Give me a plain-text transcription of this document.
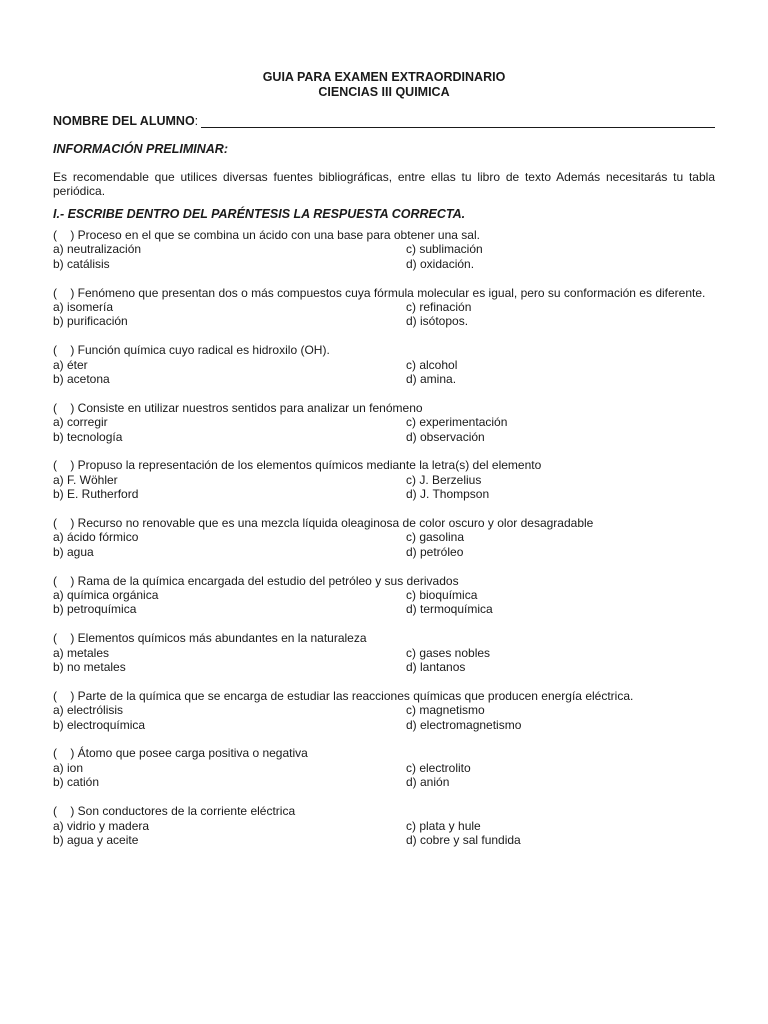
GUIA PARA EXAMEN EXTRAORDINARIO
CIENCIAS III QUIMICA
NOMBRE DEL ALUMNO :
INFORMACIÓN PRELIMINAR:
Es recomendable que utilices diversas fuentes bibliográficas, entre ellas tu libro de texto Además necesitarás tu tabla periódica.
I.- ESCRIBE DENTRO DEL PARÉNTESIS LA RESPUESTA CORRECTA.
(    ) Proceso en el que se combina un ácido con una base para obtener una sal.
a) neutralización	c) sublimación
b) catálisis	d) oxidación.
(    ) Fenómeno que presentan dos o más compuestos cuya fórmula molecular es igual, pero su conformación es diferente.
a) isomería	c) refinación
b) purificación	d) isótopos.
(    ) Función química cuyo radical es hidroxilo (OH).
a) éter	c) alcohol
b) acetona	d) amina.
(    ) Consiste en utilizar nuestros sentidos para analizar un fenómeno
a) corregir	c) experimentación
b) tecnología	d) observación
(    ) Propuso la representación de los elementos químicos mediante la letra(s) del elemento
a) F. Wöhler	c) J. Berzelius
b) E. Rutherford	d) J. Thompson
(    ) Recurso no renovable que es una mezcla líquida oleaginosa de color oscuro y olor desagradable
a) ácido fórmico	c) gasolina
b) agua	d) petróleo
(    ) Rama de la química encargada del estudio del petróleo y sus derivados
a) química orgánica	c) bioquímica
b) petroquímica	d) termoquímica
(    ) Elementos químicos más abundantes en la naturaleza
a) metales	c) gases nobles
b) no metales	d) lantanos
(    ) Parte de la química que se encarga de estudiar las reacciones químicas que producen energía eléctrica.
a) electrólisis	c) magnetismo
b) electroquímica	d) electromagnetismo
(    ) Átomo que posee carga positiva o negativa
a) ion	c) electrolito
b) catión	d) anión
(    ) Son conductores de la corriente eléctrica
a) vidrio y madera	c) plata y hule
b) agua y aceite	d) cobre y sal fundida
